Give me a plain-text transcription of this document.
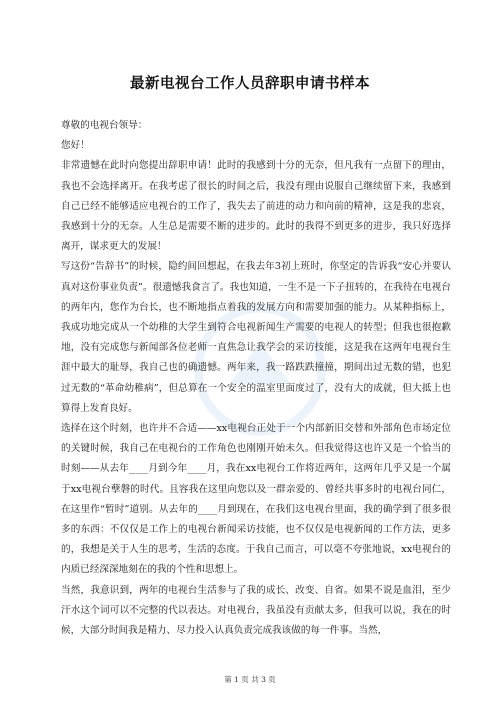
最新电视台工作人员辞职申请书样本

尊敬的电视台领导：

您好！

非常遗憾在此时向您提出辞职申请！此时的我感到十分的无奈，但凡我有一点留下的理由，我也不会选择离开。在我考虑了很长的时间之后，我没有理由说服自己继续留下来，我感到自己已经不能够适应电视台的工作了，我失去了前进的动力和向前的精神，这是我的悲哀，我感到十分的无奈。人生总是需要不断的进步的。此时的我得不到更多的进步，我只好选择离开，谋求更大的发展！

写这份“告辞书”的时候，隐约间回想起，在我去年3初上班时，你坚定的告诉我“安心并要认真对这份事业负责”。很遗憾我食言了。我也知道，一生不是一下子扭转的，在我待在电视台的两年内，您作为台长，也不断地指点着我的发展方向和需要加强的能力。从某种指标上，我成功地完成从一个幼稚的大学生到符合电视新闻生产需要的电视人的转型；但我也很抱歉地，没有完成您与新闻部各位老师一直焦急让我学会的采访技能，这是我在这两年电视台生涯中最大的耻辱，我自己也的确遗憾。两年来，我一路跌跌撞撞，期间出过无数的错，也犯过无数的“革命幼稚病”，但总算在一个安全的温室里面度过了，没有大的成就，但大抵上也算得上发育良好。

选择在这个时刻，也许并不合适——xx电视台正处于一个内部新旧交替和外部角色市场定位的关键时候，我自己在电视台的工作角色也刚刚开始未久。但我觉得这也许又是一个恰当的时刻——从去年____月到今年____月，我在xx电视台工作将近两年，这两年几乎又是一个属于xx电视台孽磐的时代。且容我在这里向您以及一群亲爱的、曾经共事多时的电视台同仁，在这里作“暂时”道别。从去年的____月到现在，在我们这电视台里面，我的确学到了很多很多的东西：不仅仅是工作上的电视台新闻采访技能，也不仅仅是电视新闻的工作方法，更多的，我想是关于人生的思考，生活的态度。于我自己而言，可以毫不夸张地说，xx电视台的内质已经深深地刻在的我的个性和思想上。

当然，我意识到，两年的电视台生活参与了我的成长、改变、自省。如果不说是血泪，至少汗水这个词可以不完整的代以表达。对电视台，我虽没有贡献太多，但我可以说，我在的时候，大部分时间我是精力、尽力投入认真负责完成我该做的每一件事。当然，

第 1 页 共 3 页
